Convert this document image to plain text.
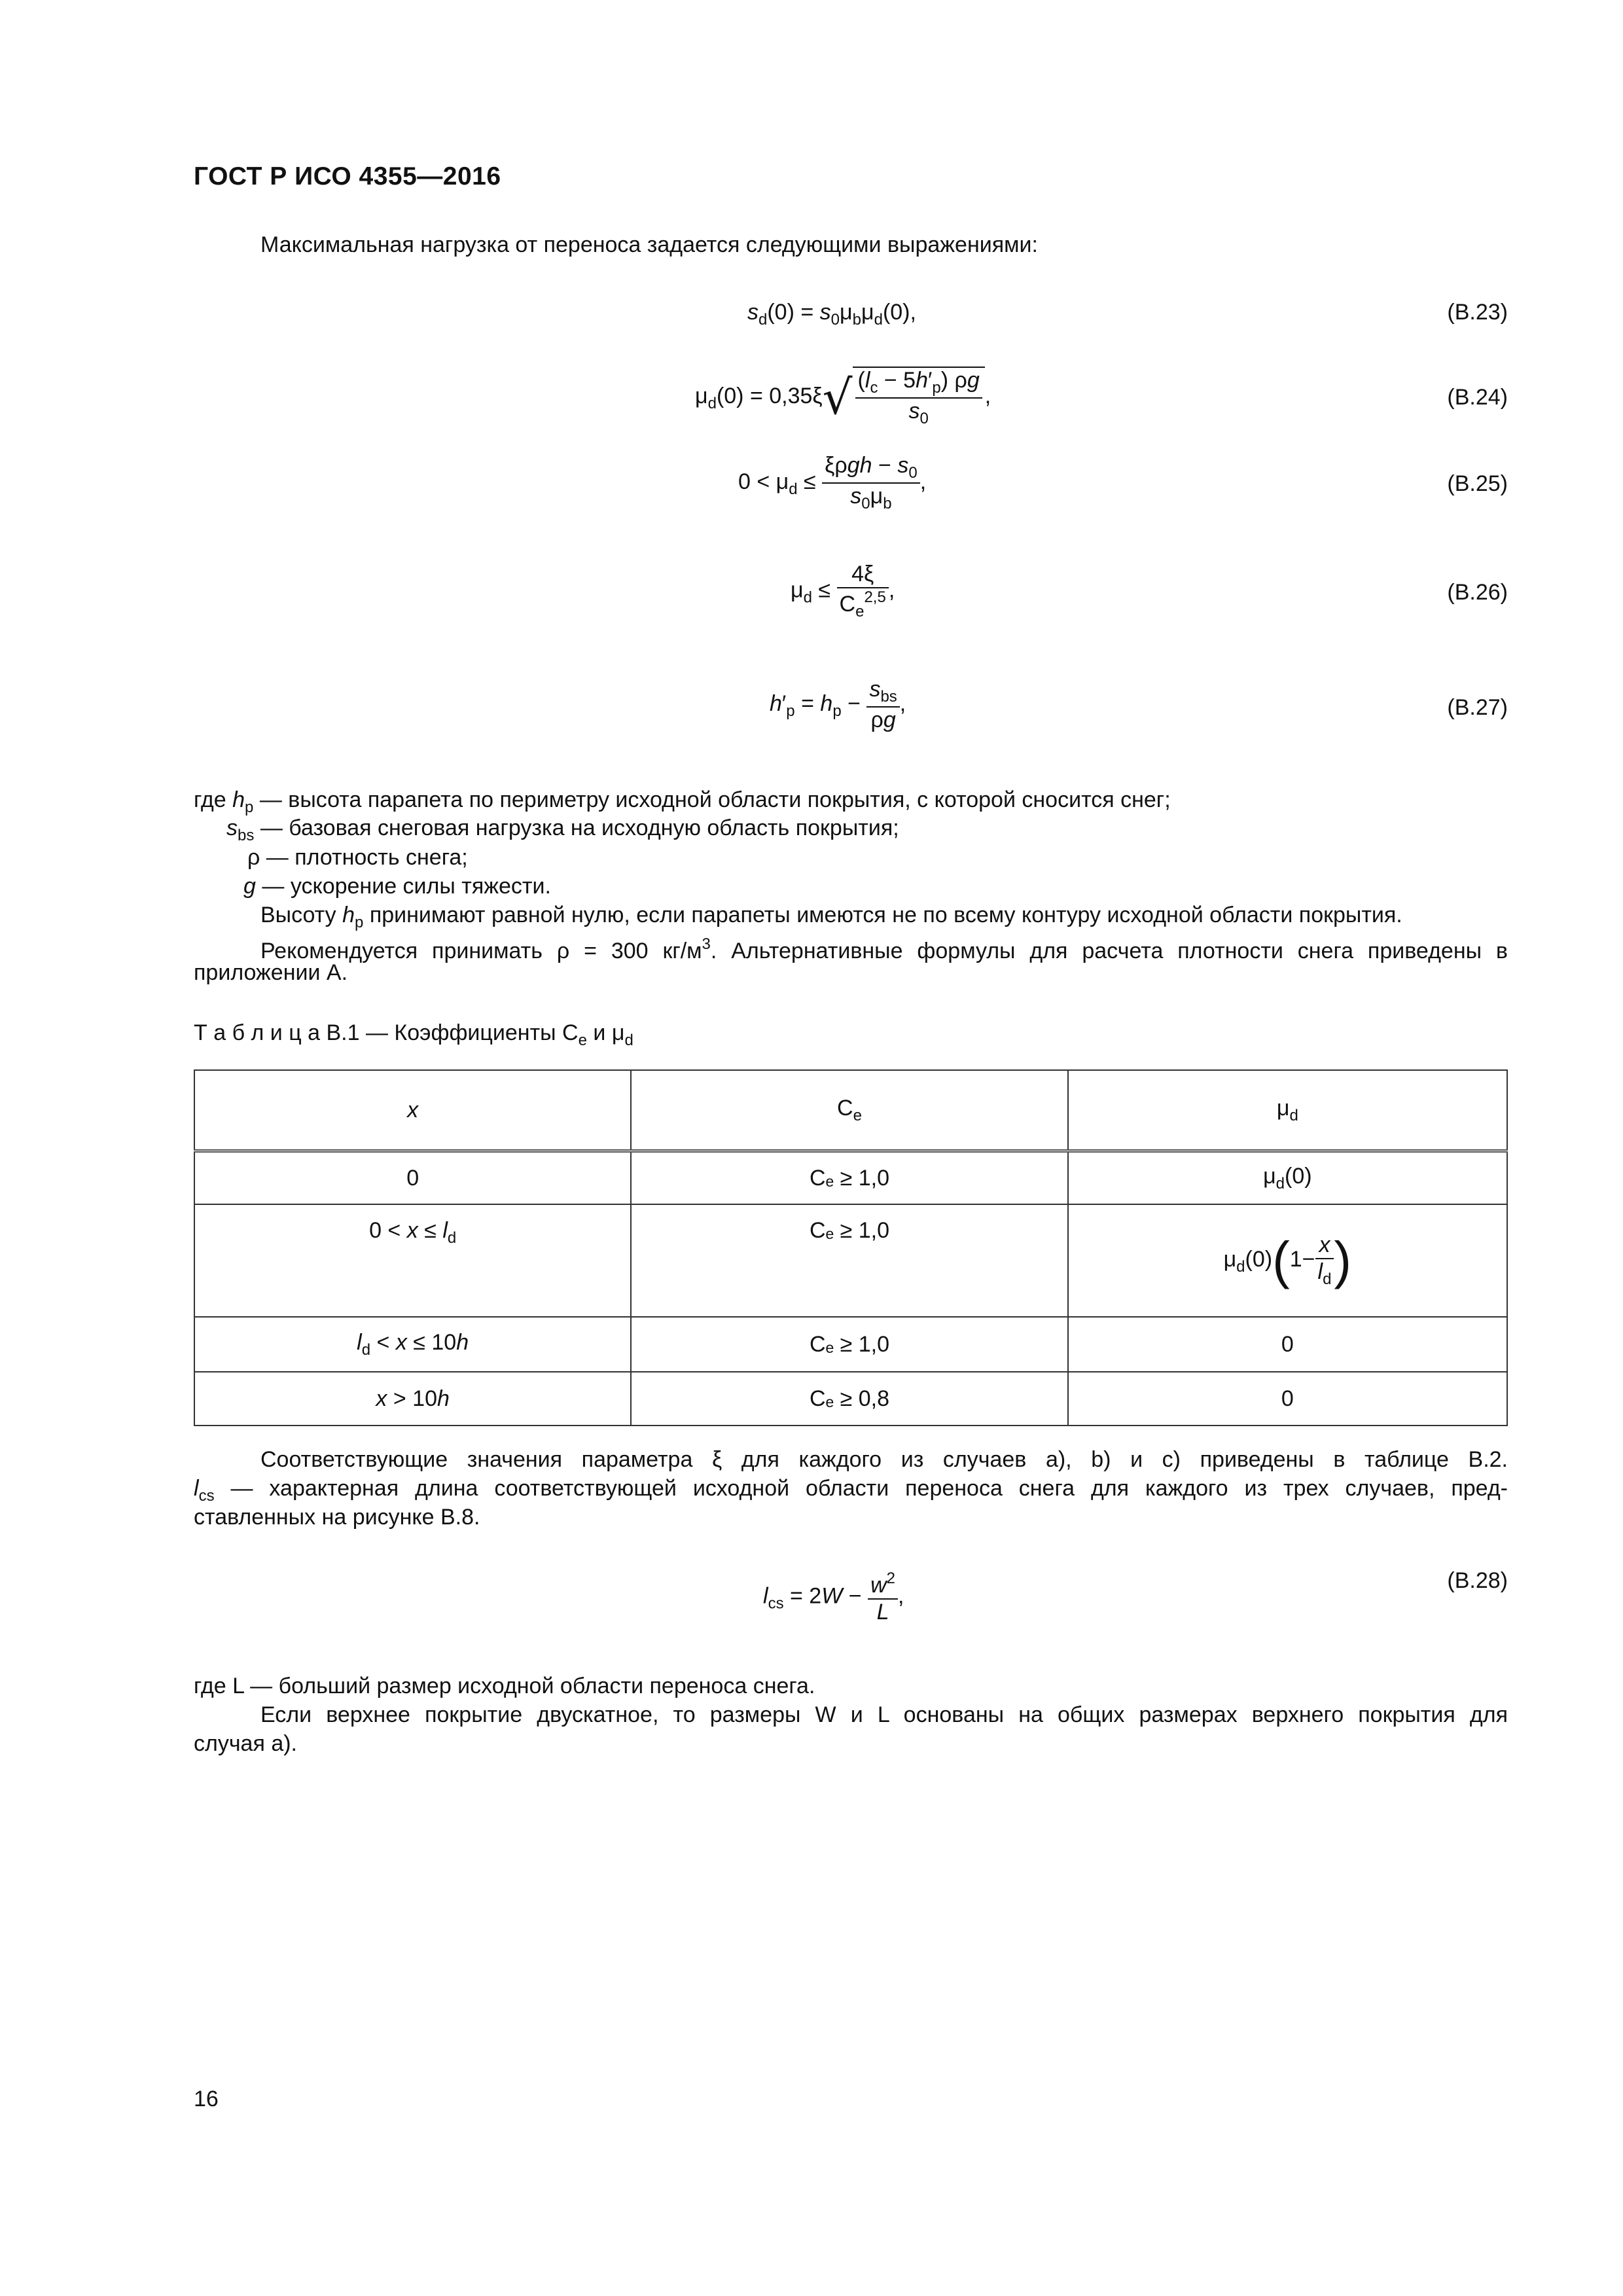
ГОСТ Р ИСО 4355—2016
Максимальная нагрузка от переноса задается следующими выражениями:
$s_d(0) = s_0\mu_b\mu_d(0)$,	(B.23)
$\mu_d(0) = 0,35\xi√ \frac{(l_c - 5h'_p) \rho g}{s_0}$ ,	(B.24)
$0 < \mu_d \le \frac{\xi\rho gh - s_0}{s_0\mu_b}$ ,	(B.25)
$\mu_d \le \frac{4\xi}{C_e^{2,5}}$ ,	(B.26)
$h'_p = h_p - \frac{s_{bs}}{\rho g}$ ,	(B.27)
где $h_p$ — высота парапета по периметру исходной области покрытия, с которой сносится снег;
$s_{bs}$ — базовая снеговая нагрузка на исходную область покрытия;
ρ — плотность снега;
g — ускорение силы тяжести.
Высоту $h_p$ принимают равной нулю, если парапеты имеются не по всему контуру исходной области покрытия.
Рекомендуется принимать ρ = 300 $кг/м^3$. Альтернативные формулы для расчета плотности снега приведены в
приложении А.
Т а б л и ц а В.1 — Коэффициенты $C_e$ и $\mu_d$
x	$C_e$	$\mu_d$
0	Cₑ ≥ 1,0	$\mu_d(0)$
$0 < x \le l_d$	Cₑ ≥ 1,0	$\mu_d(0)(1- \frac{x}{l_d}$ )
$l_d < x \le 10h$	Cₑ ≥ 1,0	0
x > 10h	Cₑ ≥ 0,8	0
Соответствующие значения параметра ξ для каждого из случаев a), b) и c) приведены в таблице В.2.
$l_{cs}$ — характерная длина соответствующей исходной области переноса снега для каждого из трех случаев, пред-
ставленных на рисунке В.8.
$l_{cs} = 2W - \frac{w^2}{L}$ ,
(B.28)
где L — больший размер исходной области переноса снега.
Если верхнее покрытие двускатное, то размеры W и L основаны на общих размерах верхнего покрытия для
случая a).
16
